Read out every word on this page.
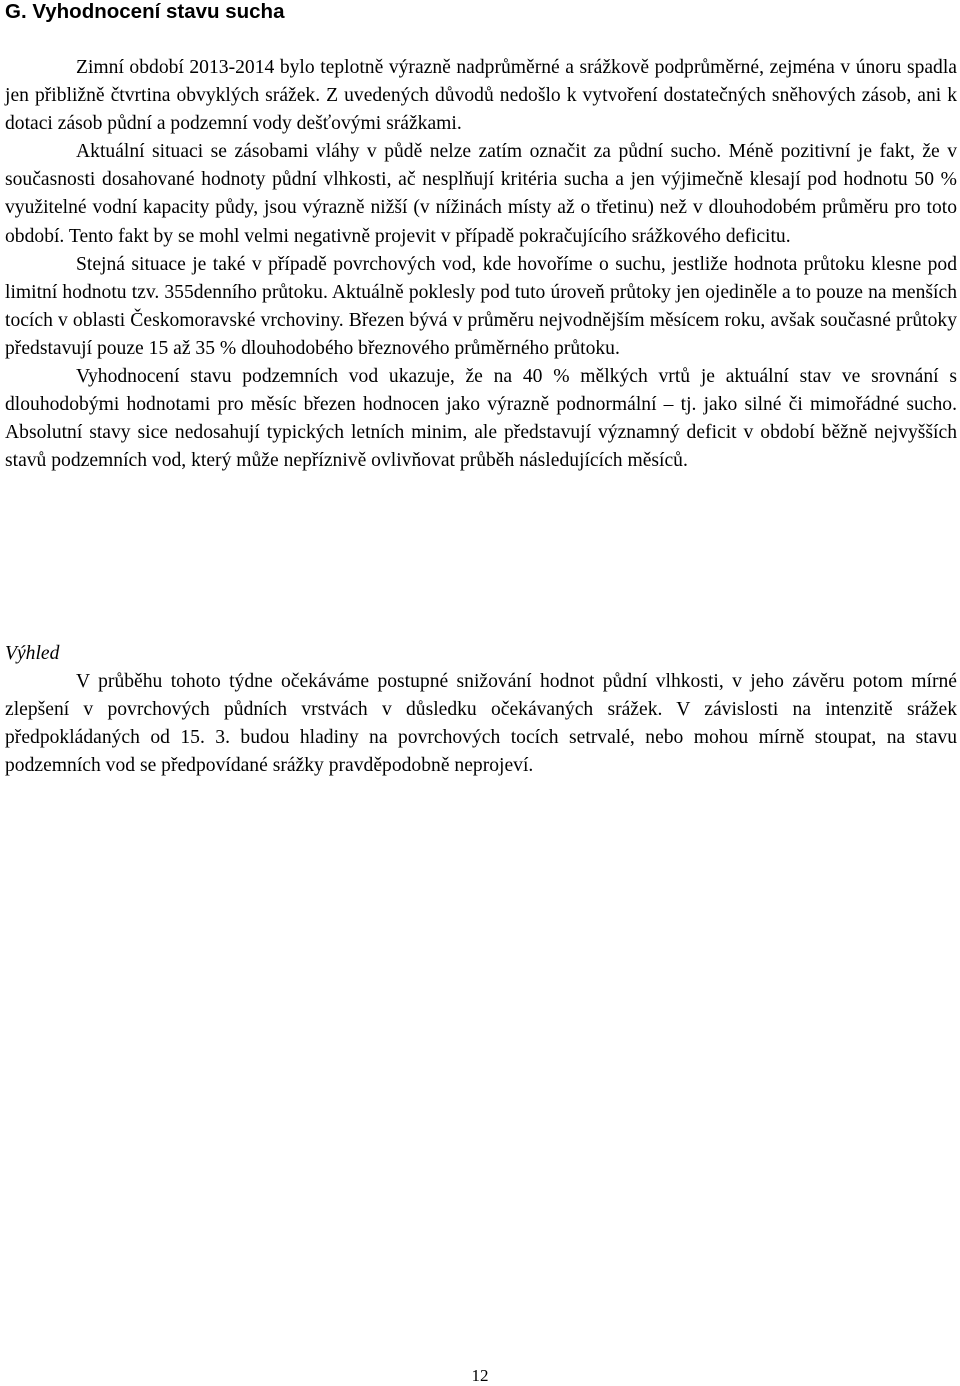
G. Vyhodnocení stavu sucha

Zimní období 2013-2014 bylo teplotně výrazně nadprůměrné a srážkově podprůměrné, zejména v únoru spadla jen přibližně čtvrtina obvyklých srážek. Z uvedených důvodů nedošlo k vytvoření dostatečných sněhových zásob, ani k dotaci zásob půdní a podzemní vody dešťovými srážkami.

Aktuální situaci se zásobami vláhy v půdě nelze zatím označit za půdní sucho. Méně pozitivní je fakt, že v současnosti dosahované hodnoty půdní vlhkosti, ač nesplňují kritéria sucha a jen výjimečně klesají pod hodnotu 50 % využitelné vodní kapacity půdy, jsou výrazně nižší (v nížinách místy až o třetinu) než v dlouhodobém průměru pro toto období. Tento fakt by se mohl velmi negativně projevit v případě pokračujícího srážkového deficitu.

Stejná situace je také v případě povrchových vod, kde hovoříme o suchu, jestliže hodnota průtoku klesne pod limitní hodnotu tzv. 355denního průtoku. Aktuálně poklesly pod tuto úroveň průtoky jen ojediněle a to pouze na menších tocích v oblasti Českomoravské vrchoviny. Březen bývá v průměru nejvodnějším měsícem roku, avšak současné průtoky představují pouze 15 až 35 % dlouhodobého březnového průměrného průtoku.

Vyhodnocení stavu podzemních vod ukazuje, že na 40 % mělkých vrtů je aktuální stav ve srovnání s dlouhodobými hodnotami pro měsíc březen hodnocen jako výrazně podnormální – tj. jako silné či mimořádné sucho. Absolutní stavy sice nedosahují typických letních minim, ale představují významný deficit v období běžně nejvyšších stavů podzemních vod, který může nepříznivě ovlivňovat průběh následujících měsíců.

Výhled

V průběhu tohoto týdne očekáváme postupné snižování hodnot půdní vlhkosti, v jeho závěru potom mírné zlepšení v povrchových půdních vrstvách v důsledku očekávaných srážek. V závislosti na intenzitě srážek předpokládaných od 15. 3. budou hladiny na povrchových tocích setrvalé, nebo mohou mírně stoupat, na stavu podzemních vod se předpovídané srážky pravděpodobně neprojeví.

12
